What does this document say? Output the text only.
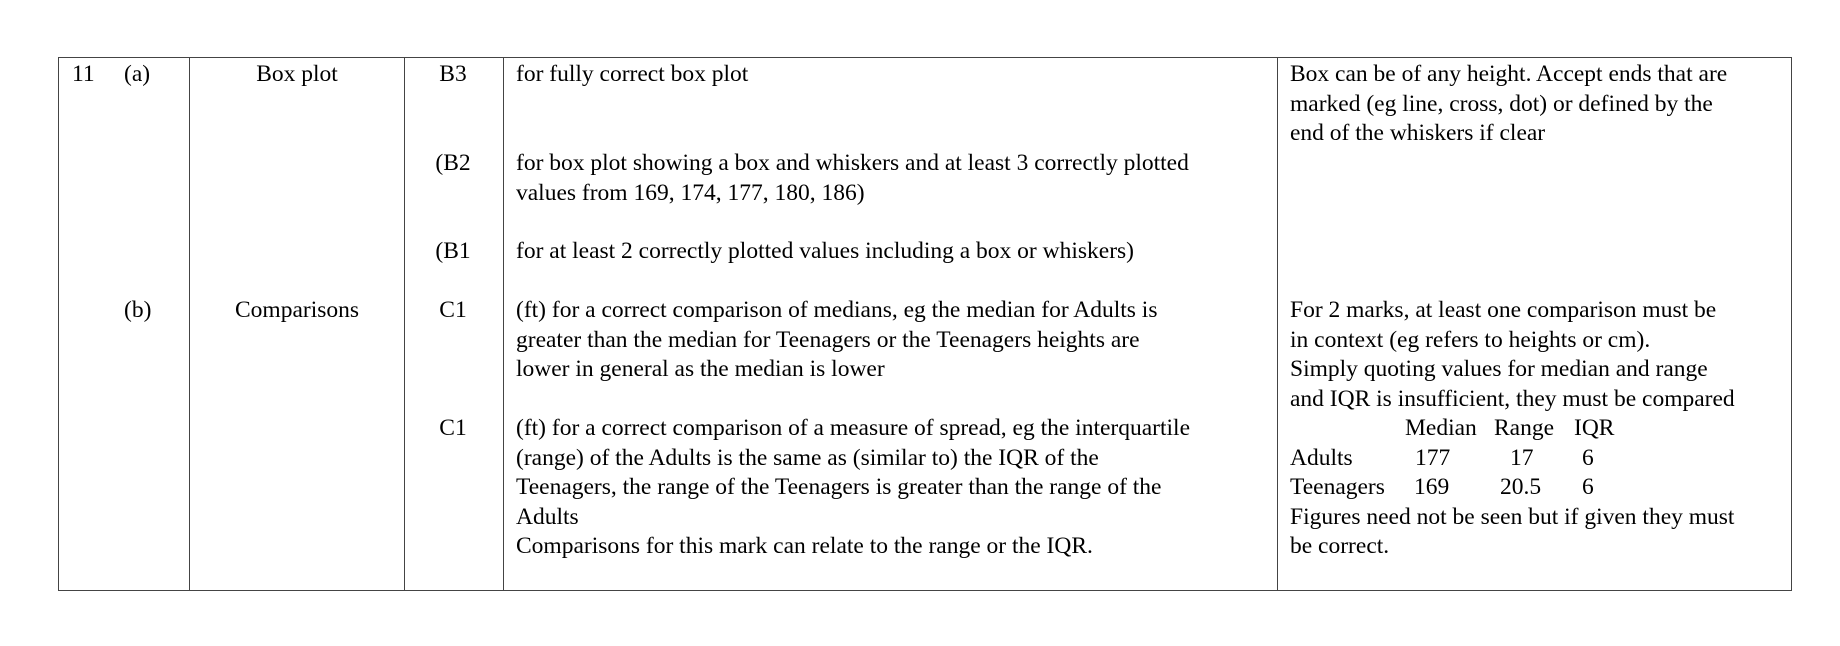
11 (a)
(b)
Box plot
Comparisons
B3
(B2
(B1
C1
C1
for fully correct box plot
for box plot showing a box and whiskers and at least 3 correctly plotted
values from 169, 174, 177, 180, 186)
for at least 2 correctly plotted values including a box or whiskers)
(ft) for a correct comparison of medians, eg the median for Adults is
greater than the median for Teenagers or the Teenagers heights are
lower in general as the median is lower
(ft) for a correct comparison of a measure of spread, eg the interquartile
(range) of the Adults is the same as (similar to) the IQR of the
Teenagers, the range of the Teenagers is greater than the range of the
Adults
Comparisons for this mark can relate to the range or the IQR.
Box can be of any height. Accept ends that are
marked (eg line, cross, dot) or defined by the
end of the whiskers if clear
For 2 marks, at least one comparison must be
in context (eg refers to heights or cm).
Simply quoting values for median and range
and IQR is insufficient, they must be compared
Median Range IQR
Adults	177	17 6
Teenagers 169 20.5 6
Figures need not be seen but if given they must
be correct.
